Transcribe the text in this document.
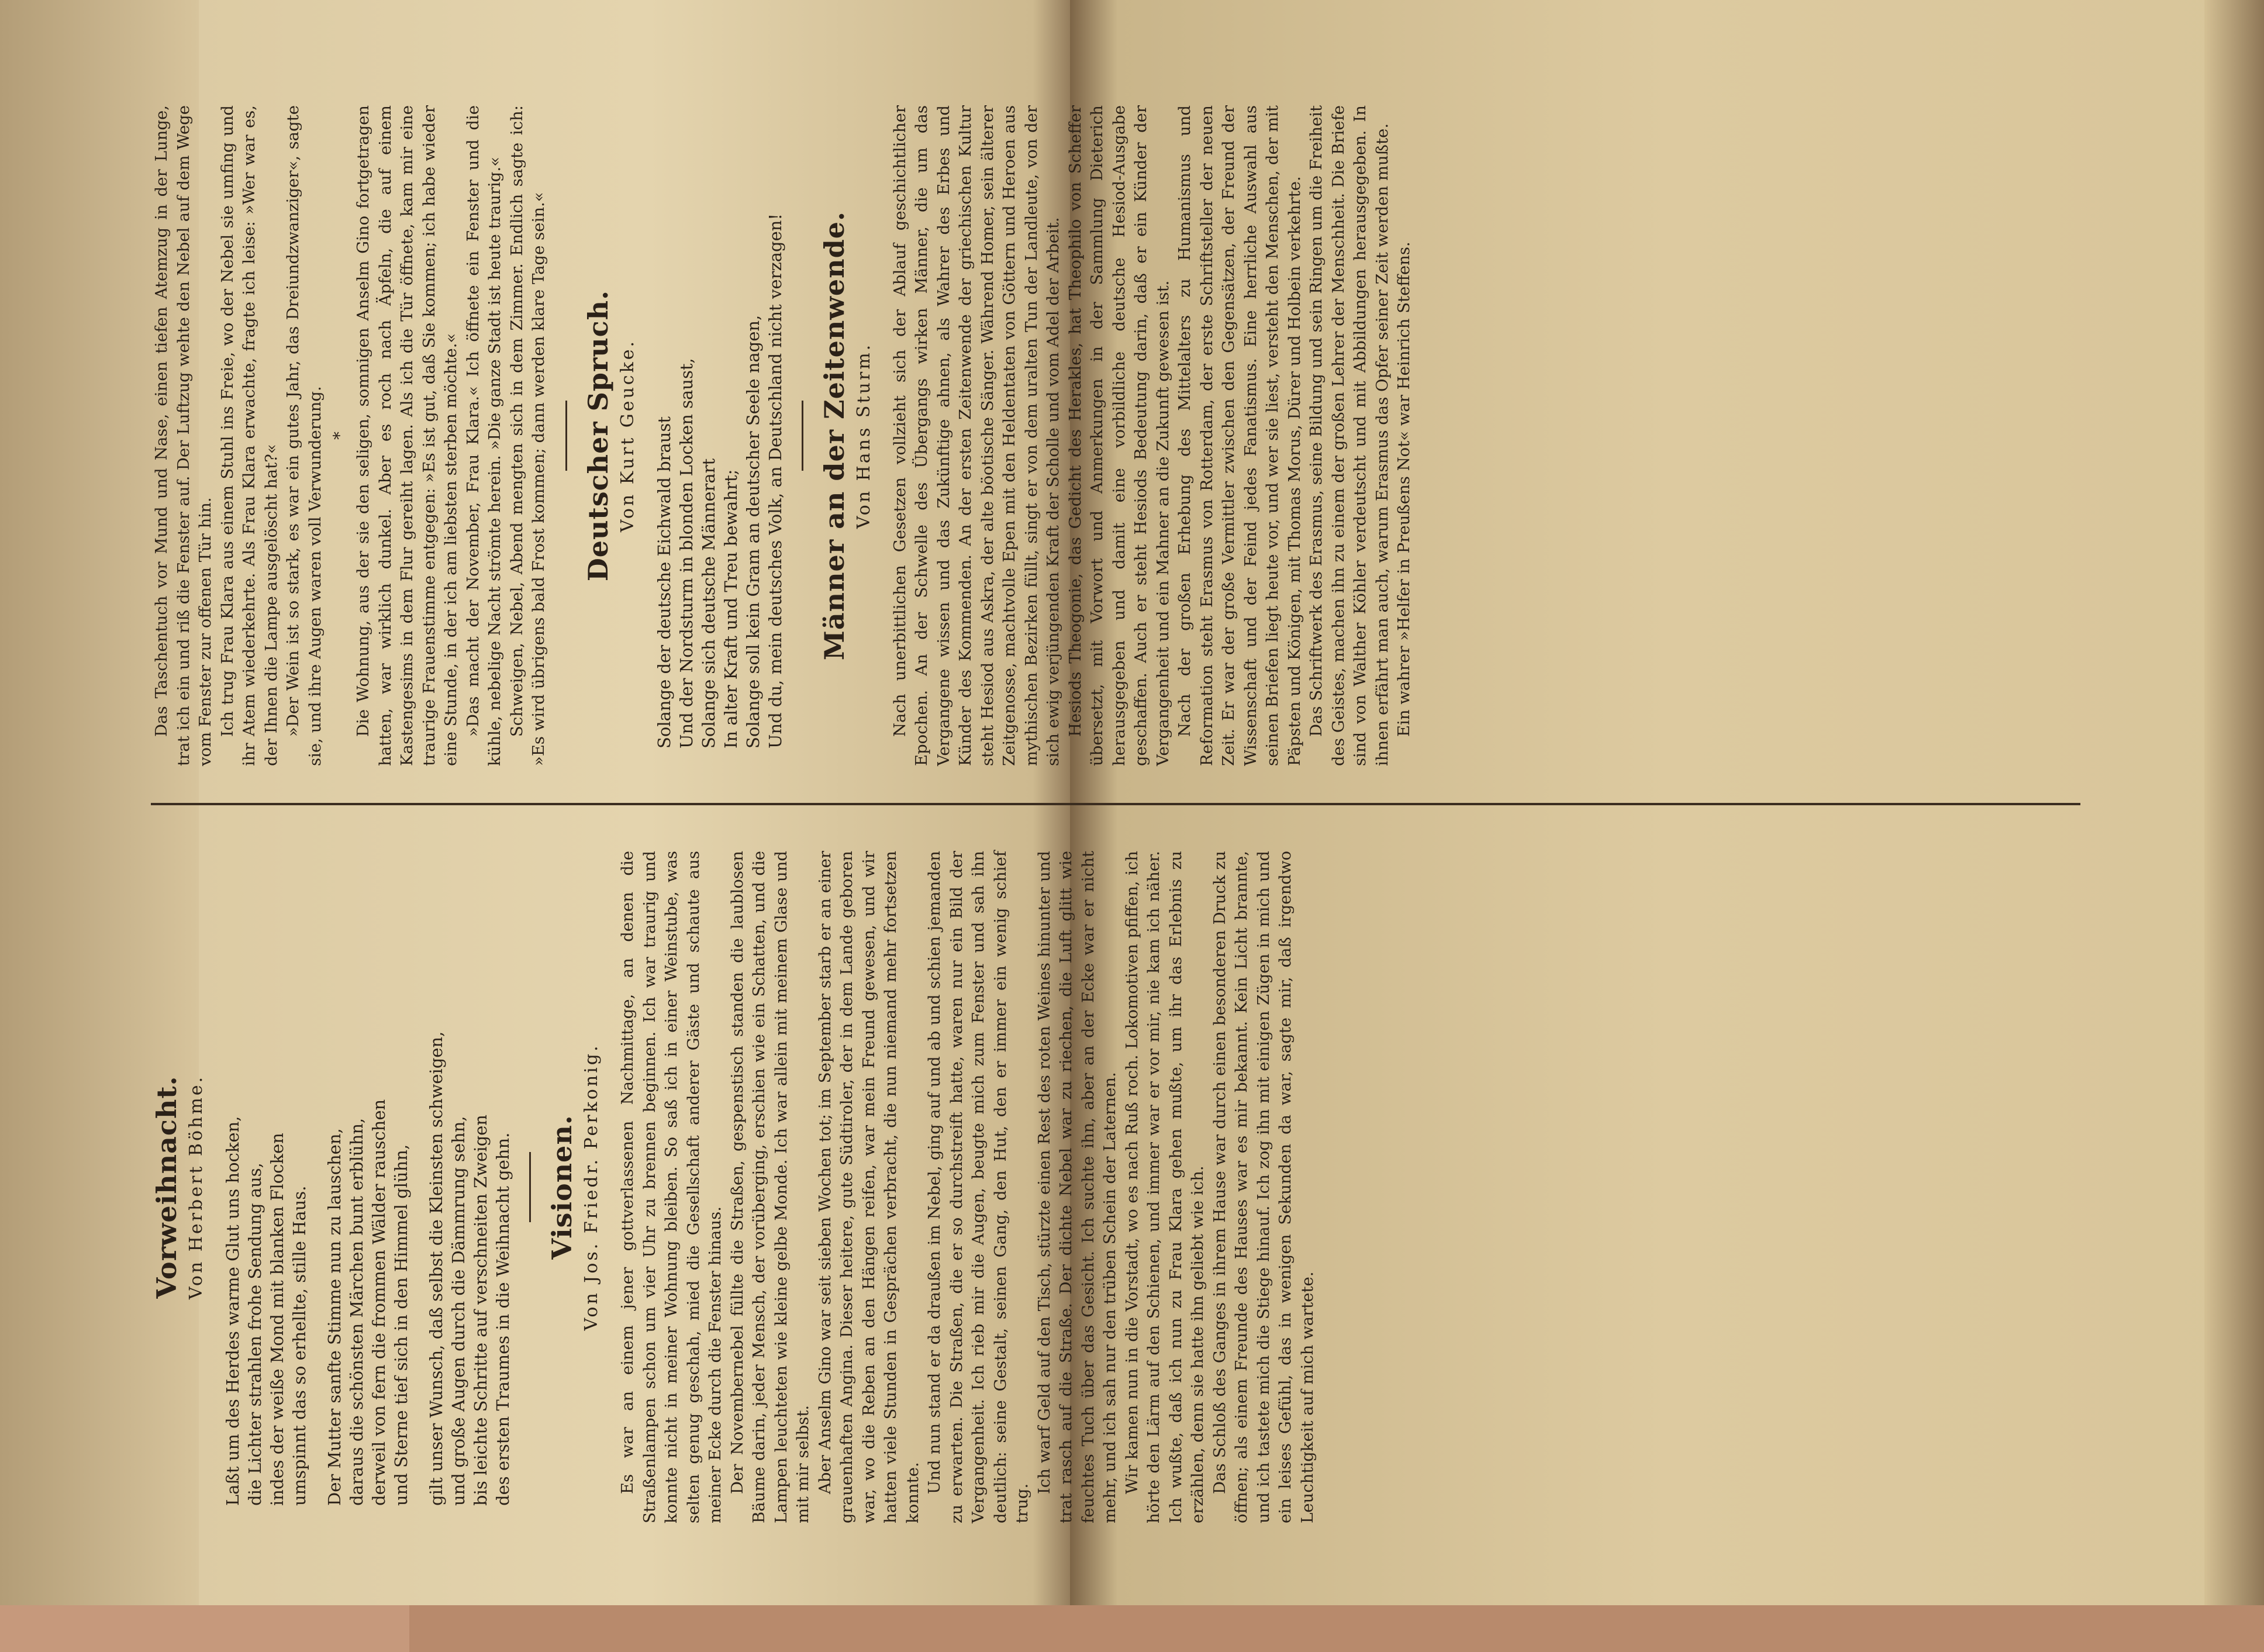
Vorweihnacht. Von Herbert Böhme. Laßt um des Herdes warme Glut uns hocken, die Lichter strahlen frohe Sendung aus, indes der weiße Mond mit blanken Flocken umspinnt das so erhellte, stille Haus. Der Mutter sanfte Stimme nun zu lauschen, daraus die schönsten Märchen bunt erblühn, derweil von fern die frommen Wälder rauschen und Sterne tief sich in den Himmel glühn, gilt unser Wunsch, daß selbst die Kleinsten schweigen, und große Augen durch die Dämmrung sehn, bis leichte Schritte auf verschneiten Zweigen des ersten Traumes in die Weihnacht gehn. Visionen. Von Jos. Friedr. Perkonig. Es war an einem jener gottverlassenen Nachmittage, an denen die Straßenlampen schon um vier Uhr zu brennen beginnen. Ich war traurig und konnte nicht in meiner Wohnung bleiben. So saß ich in einer Weinstube, was selten genug geschah, mied die Gesellschaft anderer Gäste und schaute aus meiner Ecke durch die Fenster hinaus. Der Novembernebel füllte die Straßen, gespenstisch standen die laublosen Bäume darin, jeder Mensch, der vorüberging, erschien wie ein Schatten, und die Lampen leuchteten wie kleine gelbe Monde. Ich war allein mit meinem Glase und mit mir selbst. Aber Anselm Gino war seit sieben Wochen tot; im September starb er an einer grauenhaften Angina. Dieser heitere, gute Südtiroler, der in dem Lande geboren war, wo die Reben an den Hängen reifen, war mein Freund gewesen, und wir hatten viele Stunden in Gesprächen verbracht, die nun niemand mehr fortsetzen konnte. Und nun stand er da draußen im Nebel, ging auf und ab und schien jemanden zu erwarten. Die Straßen, die er so durchstreift hatte, waren nur ein Bild der Vergangenheit. Ich rieb mir die Augen, beugte mich zum Fenster und sah ihn deutlich: seine Gestalt, seinen Gang, den Hut, den er immer ein wenig schief trug.

Ich warf Geld auf den Tisch, stürzte einen Rest des roten Weines hinunter und trat rasch auf die Straße. Der dichte Nebel war zu riechen, die Luft glitt wie feuchtes Tuch über das Gesicht. Ich suchte ihn, aber an der Ecke war er nicht mehr, und ich sah nur den trüben Schein der Laternen. Wir kamen nun in die Vorstadt, wo es nach Ruß roch. Lokomotiven pfiffen, ich hörte den Lärm auf den Schienen, und immer war er vor mir, nie kam ich näher. Ich wußte, daß ich nun zu Frau Klara gehen mußte, um ihr das Erlebnis zu erzählen, denn sie hatte ihn geliebt wie ich. Das Schloß des Ganges in ihrem Hause war durch einen besonderen Druck zu öffnen; als einem Freunde des Hauses war es mir bekannt. Kein Licht brannte, und ich tastete mich die Stiege hinauf. Ich zog ihn mit einigen Zügen in mich und ein leises Gefühl, das in wenigen Sekunden da war, sagte mir, daß irgendwo Leuchtigkeit auf mich wartete.

Das Taschentuch vor Mund und Nase, einen tiefen Atemzug in der Lunge, trat ich ein und riß die Fenster auf. Der Luftzug wehte den Nebel auf dem Wege vom Fenster zur offenen Tür hin. Ich trug Frau Klara aus einem Stuhl ins Freie, wo der Nebel sie umfing und ihr Atem wiederkehrte. Als Frau Klara erwachte, fragte ich leise: »Wer war es, der Ihnen die Lampe ausgelöscht hat?« »Der Wein ist so stark, es war ein gutes Jahr, das Dreiundzwanziger«, sagte sie, und ihre Augen waren voll Verwunderung. * Die Wohnung, aus der sie den seligen, somnigen Anselm Gino fortgetragen hatten, war wirklich dunkel. Aber es roch nach Äpfeln, die auf einem Kastengesims in dem Flur gereiht lagen. Als ich die Tür öffnete, kam mir eine traurige Frauenstimme entgegen: »Es ist gut, daß Sie kommen; ich habe wieder eine Stunde, in der ich am liebsten sterben möchte.« »Das macht der November, Frau Klara.« Ich öffnete ein Fenster und die kühle, nebelige Nacht strömte herein. »Die ganze Stadt ist heute traurig.« Schweigen, Nebel, Abend mengten sich in dem Zimmer. Endlich sagte ich: »Es wird übrigens bald Frost kommen; dann werden klare Tage sein.« Deutscher Spruch. Von Kurt Geucke. Solange der deutsche Eichwald braust Und der Nordsturm in blonden Locken saust, Solange sich deutsche Männerart In alter Kraft und Treu bewahrt; Solange soll kein Gram an deutscher Seele nagen, Und du, mein deutsches Volk, an Deutschland nicht verzagen! Männer an der Zeitenwende. Von Hans Sturm. Nach unerbittlichen Gesetzen vollzieht sich der Ablauf geschichtlicher Epochen. An der Schwelle des Übergangs wirken Männer, die um das Vergangene wissen und das Zukünftige ahnen, als Wahrer des Erbes und Künder des Kommenden. An der ersten Zeitenwende der griechischen Kultur steht Hesiod aus Askra, der alte böotische Sänger. Während Homer, sein älterer Zeitgenosse, machtvolle Epen mit den Heldentaten von Göttern und Heroen aus mythischen Bezirken füllt, singt er von dem uralten Tun der Landleute, von der sich ewig verjüngenden Kraft der Scholle und vom Adel der Arbeit. Hesiods Theogonie, das Gedicht des Herakles, hat Theophilo von Scheffer übersetzt, mit Vorwort und Anmerkungen in der Sammlung Dieterich herausgegeben und damit eine vorbildliche deutsche Hesiod-Ausgabe geschaffen. Auch er steht Hesiods Bedeutung darin, daß er ein Künder der Vergangenheit und ein Mahner an die Zukunft gewesen ist. Nach der großen Erhebung des Mittelalters zu Humanismus und Reformation steht Erasmus von Rotterdam, der erste Schriftsteller der neuen Zeit. Er war der große Vermittler zwischen den Gegensätzen, der Freund der Wissenschaft und der Feind jedes Fanatismus. Eine herrliche Auswahl aus seinen Briefen liegt heute vor, und wer sie liest, versteht den Menschen, der mit Päpsten und Königen, mit Thomas Morus, Dürer und Holbein verkehrte. Das Schriftwerk des Erasmus, seine Bildung und sein Ringen um die Freiheit des Geistes, machen ihn zu einem der großen Lehrer der Menschheit. Die Briefe sind von Walther Köhler verdeutscht und mit Abbildungen herausgegeben. In ihnen erfährt man auch, warum Erasmus das Opfer seiner Zeit werden mußte. Ein wahrer »Helfer in Preußens Not« war Heinrich Steffens.
